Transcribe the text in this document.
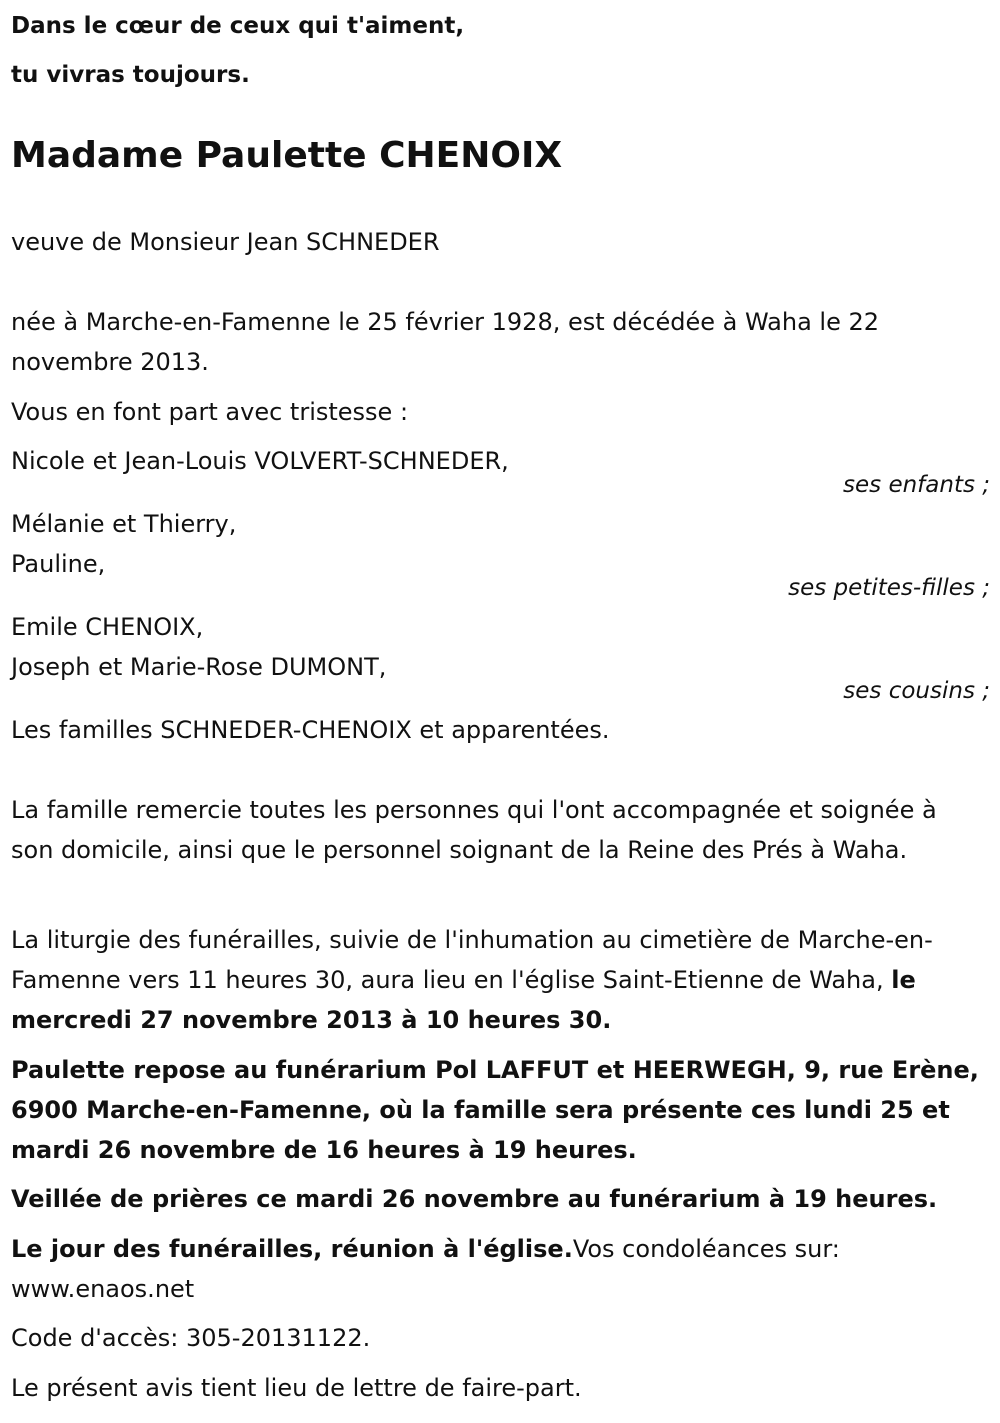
Dans le cœur de ceux qui t'aiment,
tu vivras toujours.
Madame Paulette CHENOIX

veuve de Monsieur Jean SCHNEDER

née à Marche-en-Famenne le 25 février 1928, est décédée à Waha le 22 novembre 2013.

Vous en font part avec tristesse :

Nicole et Jean-Louis VOLVERT-SCHNEDER,

ses enfants ;

Mélanie et Thierry,

Pauline,

ses petites-filles ;

Emile CHENOIX,

Joseph et Marie-Rose DUMONT,

ses cousins ;

Les familles SCHNEDER-CHENOIX et apparentées.

La famille remercie toutes les personnes qui l'ont accompagnée et soignée à son domicile, ainsi que le personnel soignant de la Reine des Prés à Waha.

La liturgie des funérailles, suivie de l'inhumation au cimetière de Marche-en-Famenne vers 11 heures 30, aura lieu en l'église Saint-Etienne de Waha, le mercredi 27 novembre 2013 à 10 heures 30.

Paulette repose au funérarium Pol LAFFUT et HEERWEGH, 9, rue Erène, 6900 Marche-en-Famenne, où la famille sera présente ces lundi 25 et mardi 26 novembre de 16 heures à 19 heures.

Veillée de prières ce mardi 26 novembre au funérarium à 19 heures.

Le jour des funérailles, réunion à l'église.Vos condoléances sur: www.enaos.net

Code d'accès: 305-20131122.

Le présent avis tient lieu de lettre de faire-part.
